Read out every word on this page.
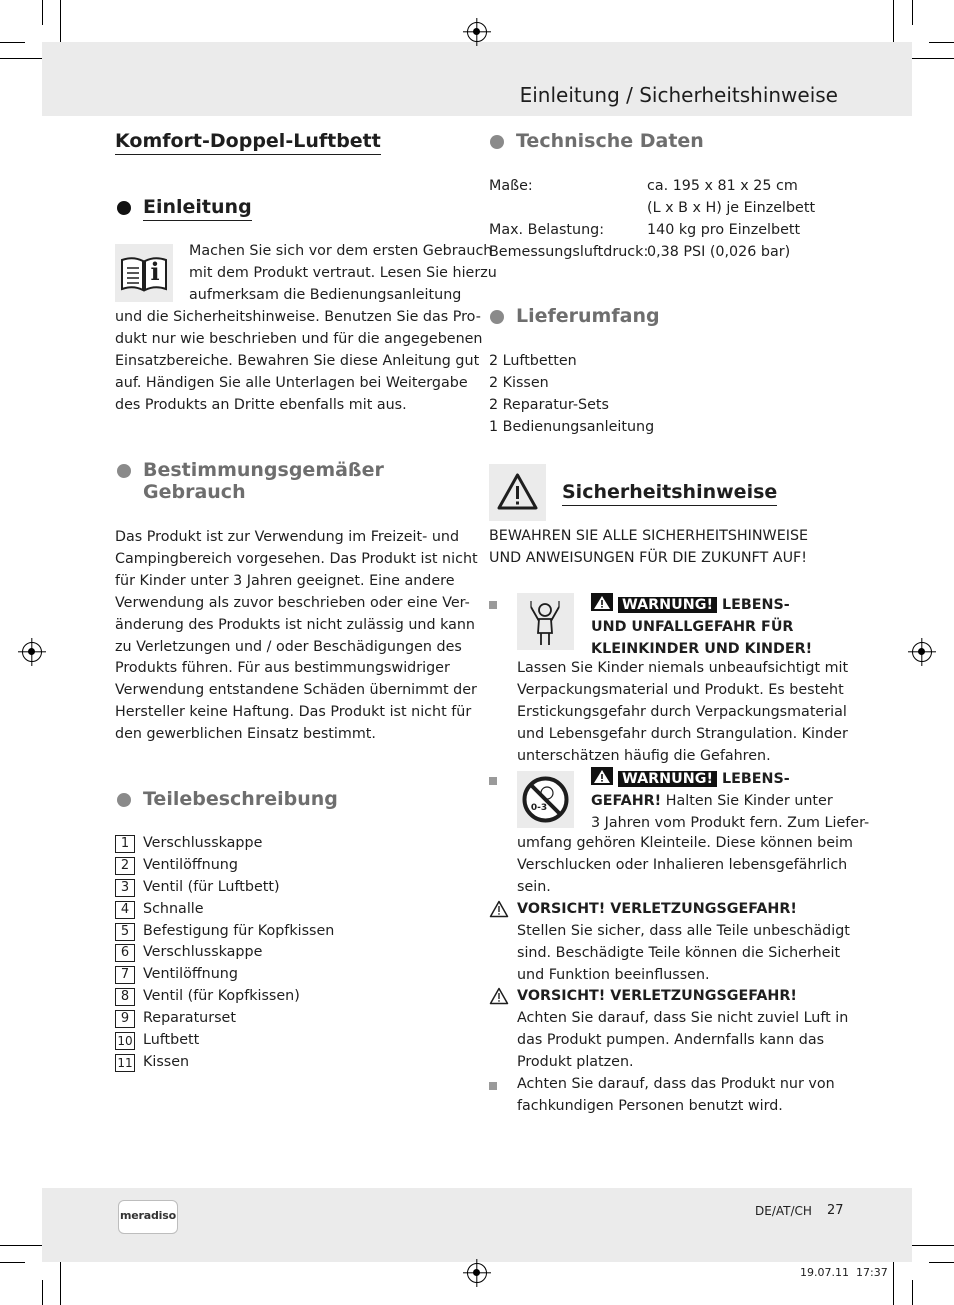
Einleitung / Sicherheitshinweise
Komfort-Doppel-Luftbett
Einleitung
i
Machen Sie sich vor dem ersten Gebrauch
mit dem Produkt vertraut. Lesen Sie hierzu
aufmerksam die Bedienungsanleitung
und die Sicherheitshinweise. Benutzen Sie das Pro-
dukt nur wie beschrieben und für die angegebenen
Einsatzbereiche. Bewahren Sie diese Anleitung gut
auf. Händigen Sie alle Unterlagen bei Weitergabe
des Produkts an Dritte ebenfalls mit aus.
Bestimmungsgemäßer
Gebrauch
Das Produkt ist zur Verwendung im Freizeit- und
Campingbereich vorgesehen. Das Produkt ist nicht
für Kinder unter 3 Jahren geeignet. Eine andere
Verwendung als zuvor beschrieben oder eine Ver-
änderung des Produkts ist nicht zulässig und kann
zu Verletzungen und / oder Beschädigungen des
Produkts führen. Für aus bestimmungswidriger
Verwendung entstandene Schäden übernimmt der
Hersteller keine Haftung. Das Produkt ist nicht für
den gewerblichen Einsatz bestimmt.
Teilebeschreibung
1 Verschlusskappe
2 Ventilöffnung
3 Ventil (für Luftbett)
4 Schnalle
5 Befestigung für Kopfkissen
6 Verschlusskappe
7 Ventilöffnung
8 Ventil (für Kopfkissen)
9 Reparaturset
10 Luftbett
11 Kissen
Technische Daten
Maße:	ca. 195 x 81 x 25 cm
(L x B x H) je Einzelbett
Max. Belastung:	140 kg pro Einzelbett
Bemessungsluftdruck:
0,38 PSI (0,026 bar)
Lieferumfang
2 Luftbetten
2 Kissen
2 Reparatur-Sets
1 Bedienungsanleitung
Sicherheitshinweise
BEWAHREN SIE ALLE SICHERHEITSHINWEISE
UND ANWEISUNGEN FÜR DIE ZUKUNFT AUF!
WARNUNG! LEBENS-
UND UNFALLGEFAHR FÜR
KLEINKINDER UND KINDER!
Lassen Sie Kinder niemals unbeaufsichtigt mit
Verpackungsmaterial und Produkt. Es besteht
Erstickungsgefahr durch Verpackungsmaterial
und Lebensgefahr durch Strangulation. Kinder
unterschätzen häufig die Gefahren.
0-3
WARNUNG! LEBENS-
GEFAHR! Halten Sie Kinder unter
3 Jahren vom Produkt fern. Zum Liefer-
umfang gehören Kleinteile. Diese können beim
Verschlucken oder Inhalieren lebensgefährlich
sein.
VORSICHT! VERLETZUNGSGEFAHR!
Stellen Sie sicher, dass alle Teile unbeschädigt
sind. Beschädigte Teile können die Sicherheit
und Funktion beeinflussen.
VORSICHT! VERLETZUNGSGEFAHR!
Achten Sie darauf, dass Sie nicht zuviel Luft in
das Produkt pumpen. Andernfalls kann das
Produkt platzen.
Achten Sie darauf, dass das Produkt nur von
fachkundigen Personen benutzt wird.
meradiso	DE/AT/CH 27
19.07.11 17:37
